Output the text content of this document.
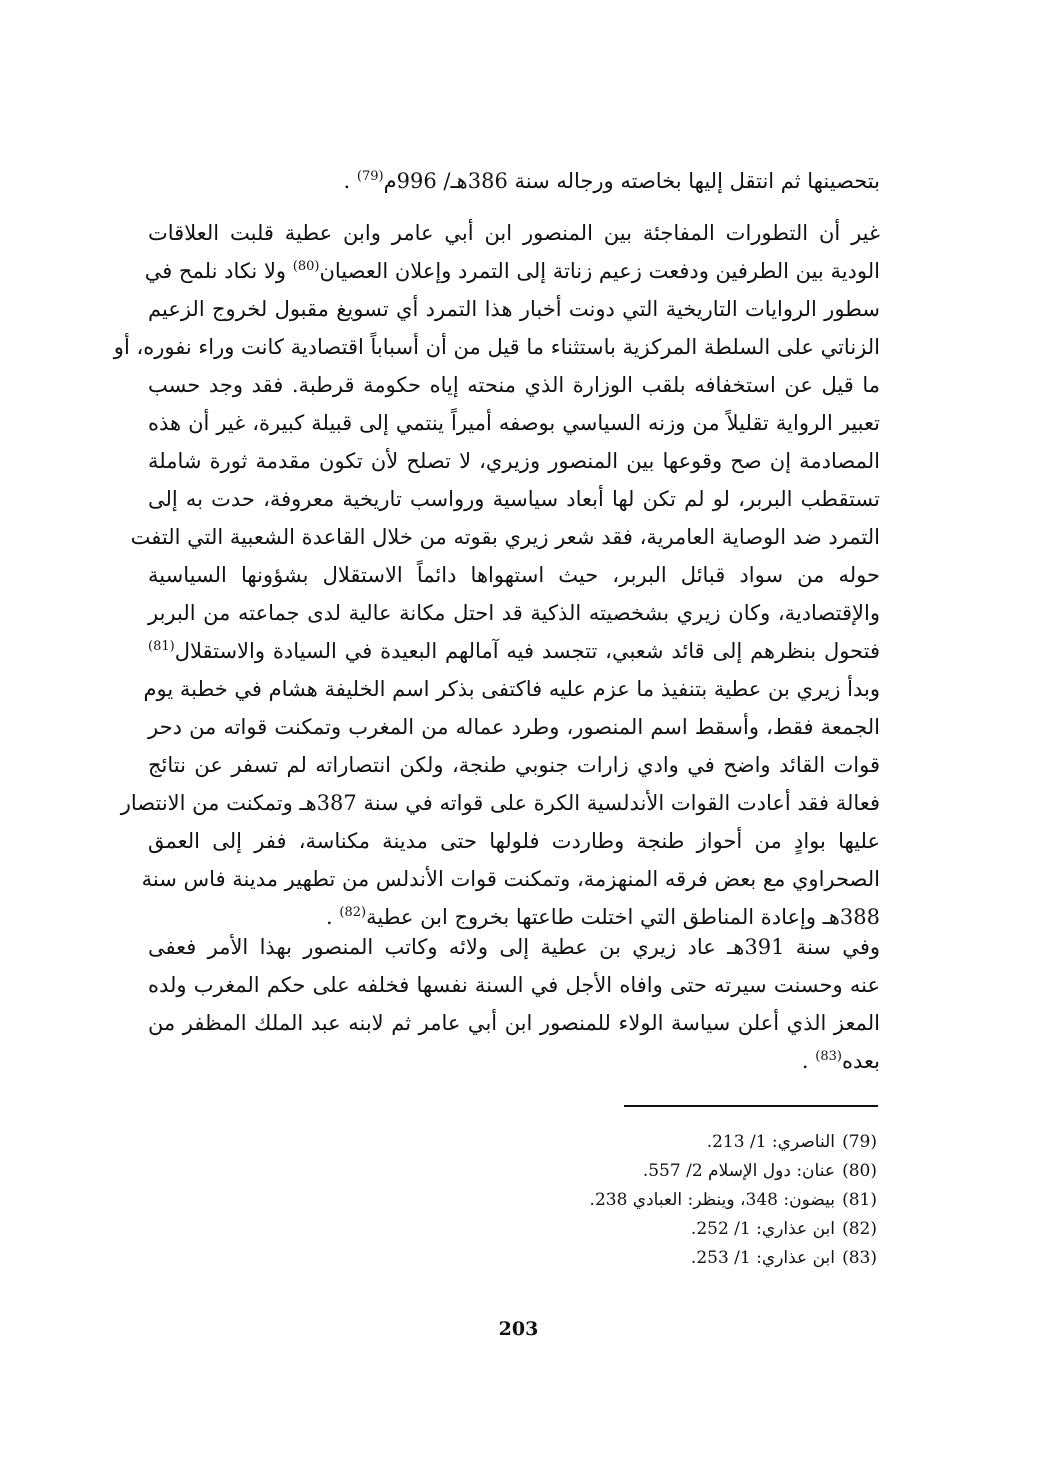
بتحصينها ثم انتقل إليها بخاصته ورجاله سنة 386هـ/ 996م$^{(79)}$ .
غير أن التطورات المفاجئة بين المنصور ابن أبي عامر وابن عطية قلبت العلاقات
الودية بين الطرفين ودفعت زعيم زناتة إلى التمرد وإعلان العصيان$^{(80)}$ ولا نكاد نلمح في
سطور الروايات التاريخية التي دونت أخبار هذا التمرد أي تسويغ مقبول لخروج الزعيم
الزناتي على السلطة المركزية باستثناء ما قيل من أن أسباباً اقتصادية كانت وراء نفوره، أو
ما قيل عن استخفافه بلقب الوزارة الذي منحته إياه حكومة قرطبة. فقد وجد حسب
تعبير الرواية تقليلاً من وزنه السياسي بوصفه أميراً ينتمي إلى قبيلة كبيرة، غير أن هذه
المصادمة إن صح وقوعها بين المنصور وزيري، لا تصلح لأن تكون مقدمة ثورة شاملة
تستقطب البربر، لو لم تكن لها أبعاد سياسية ورواسب تاريخية معروفة، حدت به إلى
التمرد ضد الوصاية العامرية، فقد شعر زيري بقوته من خلال القاعدة الشعبية التي التفت
حوله من سواد قبائل البربر، حيث استهواها دائماً الاستقلال بشؤونها السياسية
والإقتصادية، وكان زيري بشخصيته الذكية قد احتل مكانة عالية لدى جماعته من البربر
فتحول بنظرهم إلى قائد شعبي، تتجسد فيه آمالهم البعيدة في السيادة والاستقلال$^{(81)}$
وبدأ زيري بن عطية بتنفيذ ما عزم عليه فاكتفى بذكر اسم الخليفة هشام في خطبة يوم
الجمعة فقط، وأسقط اسم المنصور، وطرد عماله من المغرب وتمكنت قواته من دحر
قوات القائد واضح في وادي زارات جنوبي طنجة، ولكن انتصاراته لم تسفر عن نتائج
فعالة فقد أعادت القوات الأندلسية الكرة على قواته في سنة 387هـ وتمكنت من الانتصار
عليها بوادٍ من أحواز طنجة وطاردت فلولها حتى مدينة مكناسة، ففر إلى العمق
الصحراوي مع بعض فرقه المنهزمة، وتمكنت قوات الأندلس من تطهير مدينة فاس سنة
388هـ وإعادة المناطق التي اختلت طاعتها بخروج ابن عطية$^{(82)}$ .
وفي سنة 391هـ عاد زيري بن عطية إلى ولائه وكاتب المنصور بهذا الأمر فعفى
عنه وحسنت سيرته حتى وافاه الأجل في السنة نفسها فخلفه على حكم المغرب ولده
المعز الذي أعلن سياسة الولاء للمنصور ابن أبي عامر ثم لابنه عبد الملك المظفر من
بعده$^{(83)}$ .
(79)الناصري: 1/ 213.
(80)عنان: دول الإسلام 2/ 557.
(81)بيضون: 348، وينظر: العبادي 238.
(82)ابن عذاري: 1/ 252.
(83)ابن عذاري: 1/ 253.
203
